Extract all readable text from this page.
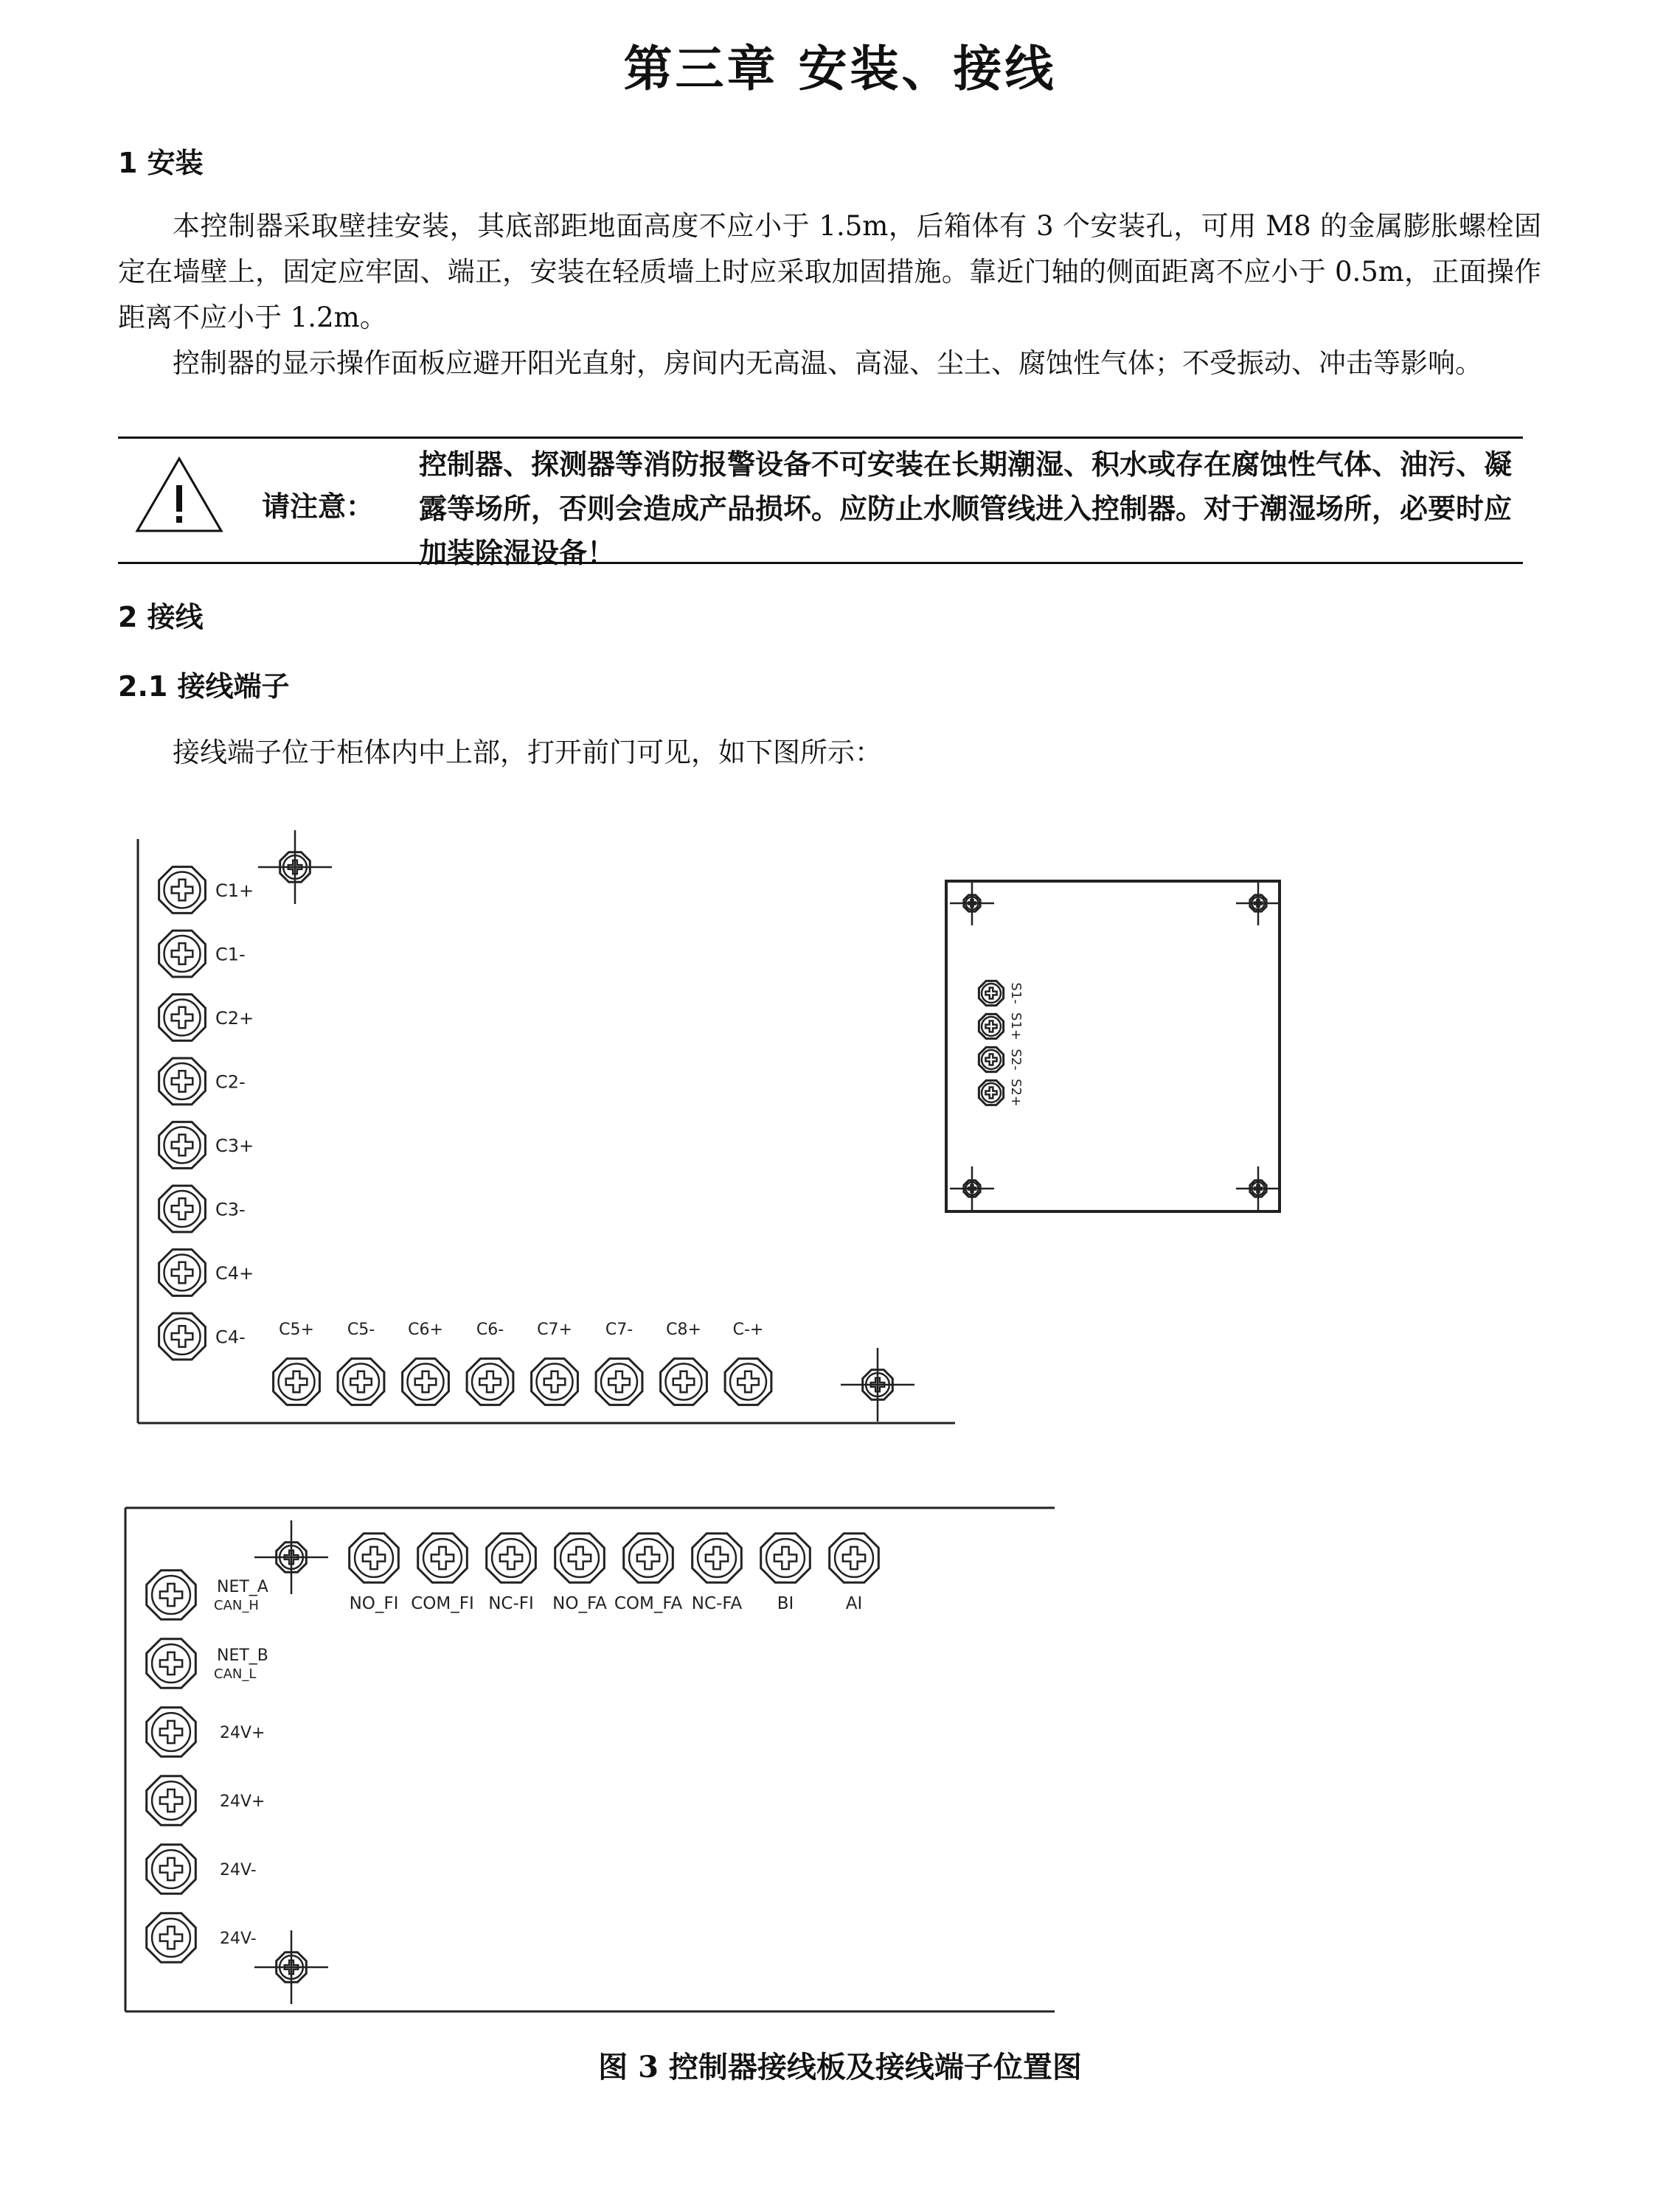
第三章 安装、接线
1 安装

本控制器采取壁挂安装，其底部距地面高度不应小于 1.5m，后箱体有 3 个安装孔，可用 M8 的金属膨胀螺栓固定在墙壁上，固定应牢固、端正，安装在轻质墙上时应采取加固措施。靠近门轴的侧面距离不应小于 0.5m，正面操作距离不应小于 1.2m。

控制器的显示操作面板应避开阳光直射，房间内无高温、高湿、尘土、腐蚀性气体；不受振动、冲击等影响。

请注意：
控制器、探测器等消防报警设备不可安装在长期潮湿、积水或存在腐蚀性气体、油污、凝露等场所，否则会造成产品损坏。应防止水顺管线进入控制器。对于潮湿场所，必要时应加装除湿设备！
2 接线
2.1 接线端子

接线端子位于柜体内中上部，打开前门可见，如下图所示：

C1+
C1-
C2+
C2-
C3+
C3-
C4+
C4- C5+ C5- C6+ C6- C7+ C7- C8+ C-+
S1-
S1+
S2-
S2+
NO_FI COM_FI NC-FI NO_FA COM_FA NC-FA BI	AI
NET_A
CAN_H
NET_B
CAN_L
24V+
24V+
24V-
24V-
图 3 控制器接线板及接线端子位置图
